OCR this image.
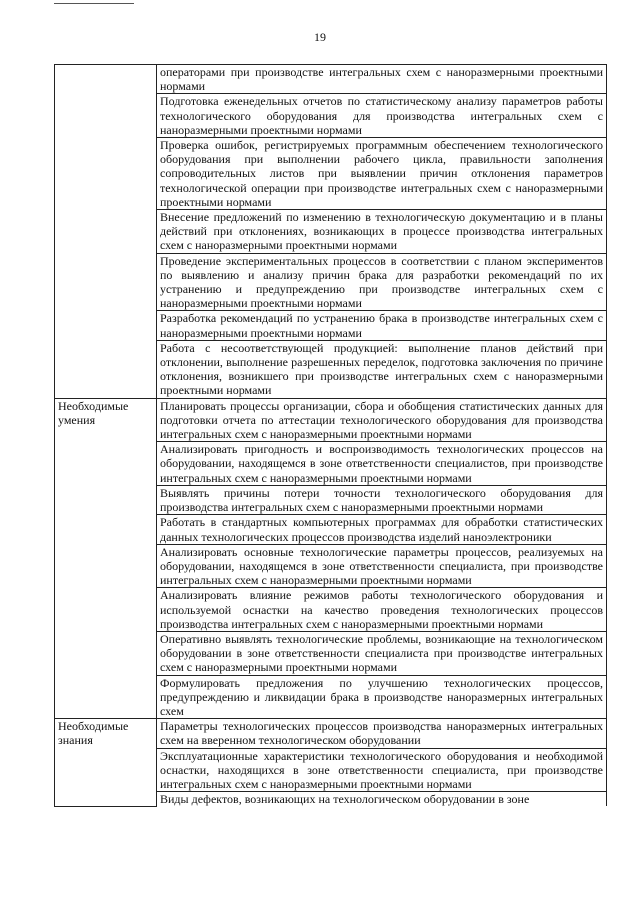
19

	операторами при производстве интегральных схем с наноразмерными проектными нормами

	Подготовка еженедельных отчетов по статистическому анализу параметров работы технологического оборудования для производства интегральных схем с наноразмерными проектными нормами

	Проверка ошибок, регистрируемых программным обеспечением технологического оборудования при выполнении рабочего цикла, правильности заполнения сопроводительных листов при выявлении причин отклонения параметров технологической операции при производстве интегральных схем с наноразмерными проектными нормами

	Внесение предложений по изменению в технологическую документацию и в планы действий при отклонениях, возникающих в процессе производства интегральных схем с наноразмерными проектными нормами

	Проведение экспериментальных процессов в соответствии с планом экспериментов по выявлению и анализу причин брака для разработки рекомендаций по их устранению и предупреждению при производстве интегральных схем с наноразмерными проектными нормами

	Разработка рекомендаций по устранению брака в производстве интегральных схем с наноразмерными проектными нормами

	Работа с несоответствующей продукцией: выполнение планов действий при отклонении, выполнение разрешенных переделок, подготовка заключения по причине отклонения, возникшего при производстве интегральных схем с наноразмерными проектными нормами

Необходимые умения	Планировать процессы организации, сбора и обобщения статистических данных для подготовки отчета по аттестации технологического оборудования для производства интегральных схем с наноразмерными проектными нормами

	Анализировать пригодность и воспроизводимость технологических процессов на оборудовании, находящемся в зоне ответственности специалистов, при производстве интегральных схем с наноразмерными проектными нормами

	Выявлять причины потери точности технологического оборудования для производства интегральных схем с наноразмерными проектными нормами

	Работать в стандартных компьютерных программах для обработки статистических данных технологических процессов производства изделий наноэлектроники

	Анализировать основные технологические параметры процессов, реализуемых на оборудовании, находящемся в зоне ответственности специалиста, при производстве интегральных схем с наноразмерными проектными нормами

	Анализировать влияние режимов работы технологического оборудования и используемой оснастки на качество проведения технологических процессов производства интегральных схем с наноразмерными проектными нормами

	Оперативно выявлять технологические проблемы, возникающие на технологическом оборудовании в зоне ответственности специалиста при производстве интегральных схем с наноразмерными проектными нормами

	Формулировать предложения по улучшению технологических процессов, предупреждению и ликвидации брака в производстве наноразмерных интегральных схем

Необходимые знания	Параметры технологических процессов производства наноразмерных интегральных схем на вверенном технологическом оборудовании

	Эксплуатационные характеристики технологического оборудования и необходимой оснастки, находящихся в зоне ответственности специалиста, при производстве интегральных схем с наноразмерными проектными нормами

	Виды дефектов, возникающих на технологическом оборудовании в зоне
